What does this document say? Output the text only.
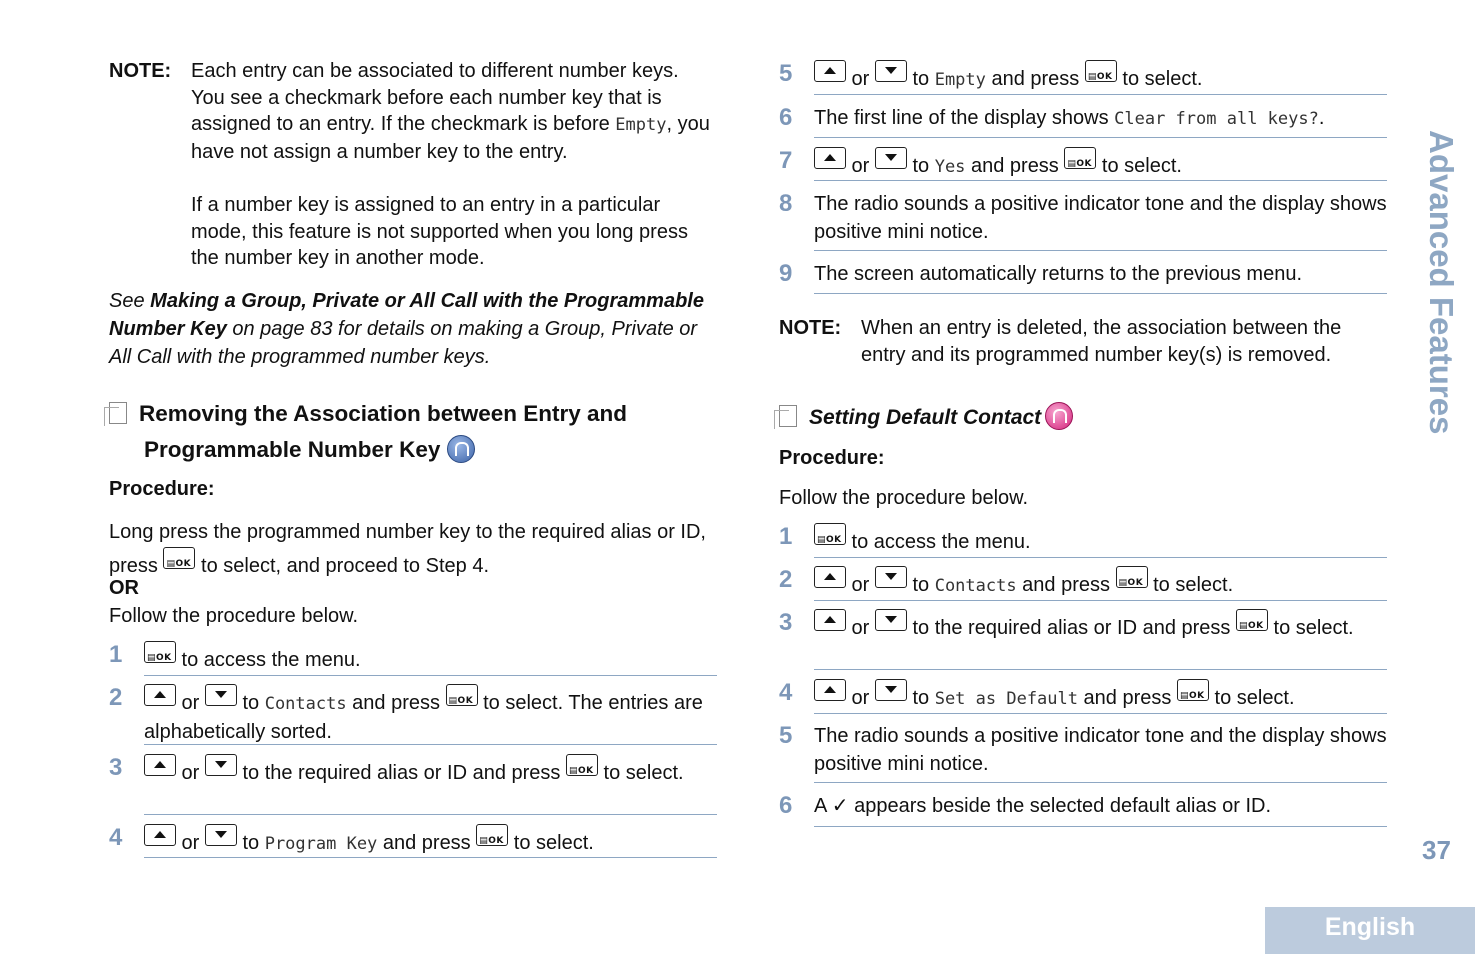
NOTE: Each entry can be associated to different number keys. You see a checkmark before each number key that is assigned to an entry. If the checkmark is before Empty, you have not assign a number key to the entry.
If a number key is assigned to an entry in a particular mode, this feature is not supported when you long press the number key in another mode.
See Making a Group, Private or All Call with the Programmable Number Key on page 83 for details on making a Group, Private or All Call with the programmed number keys.
Removing the Association between Entry and
Programmable Number Key
Procedure:
Long press the programmed number key to the required alias or ID, press ▤OK to select, and proceed to Step 4.
OR
Follow the procedure below.
1 ▤OK	to access the menu.
2	or  to Contacts and press ▤OK to select. The entries are alphabetically sorted.
3	or  to the required alias or ID and press ▤OK to select.
4	or  to Program Key and press ▤OK to select.
5	or  to Empty and press ▤OK to select.
6 The first line of the display shows Clear from all keys?.
7	or  to Yes and press ▤OK to select.
8 The radio sounds a positive indicator tone and the display shows positive mini notice.
9 The screen automatically returns to the previous menu.
NOTE: When an entry is deleted, the association between the entry and its programmed number key(s) is removed.
Setting Default Contact
Procedure:
Follow the procedure below.
1 ▤OK	to access the menu.
2	or  to Contacts and press ▤OK to select.
3	or  to the required alias or ID and press ▤OK to select.
4	or  to Set as Default and press ▤OK to select.
5 The radio sounds a positive indicator tone and the display shows positive mini notice.
6 A ✓ appears beside the selected default alias or ID.
Advanced Features
37
English
